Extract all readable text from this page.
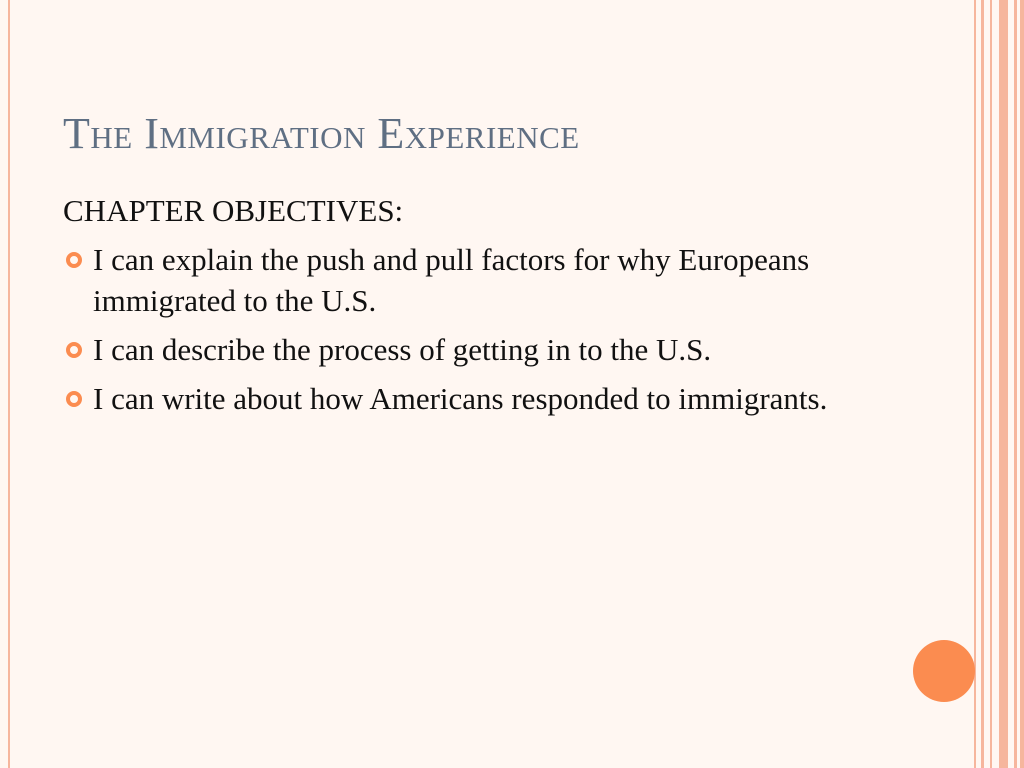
The Immigration Experience

CHAPTER OBJECTIVES:

I can explain the push and pull factors for why Europeans immigrated to the U.S.
I can describe the process of getting in to the U.S.
I can write about how Americans responded to immigrants.
